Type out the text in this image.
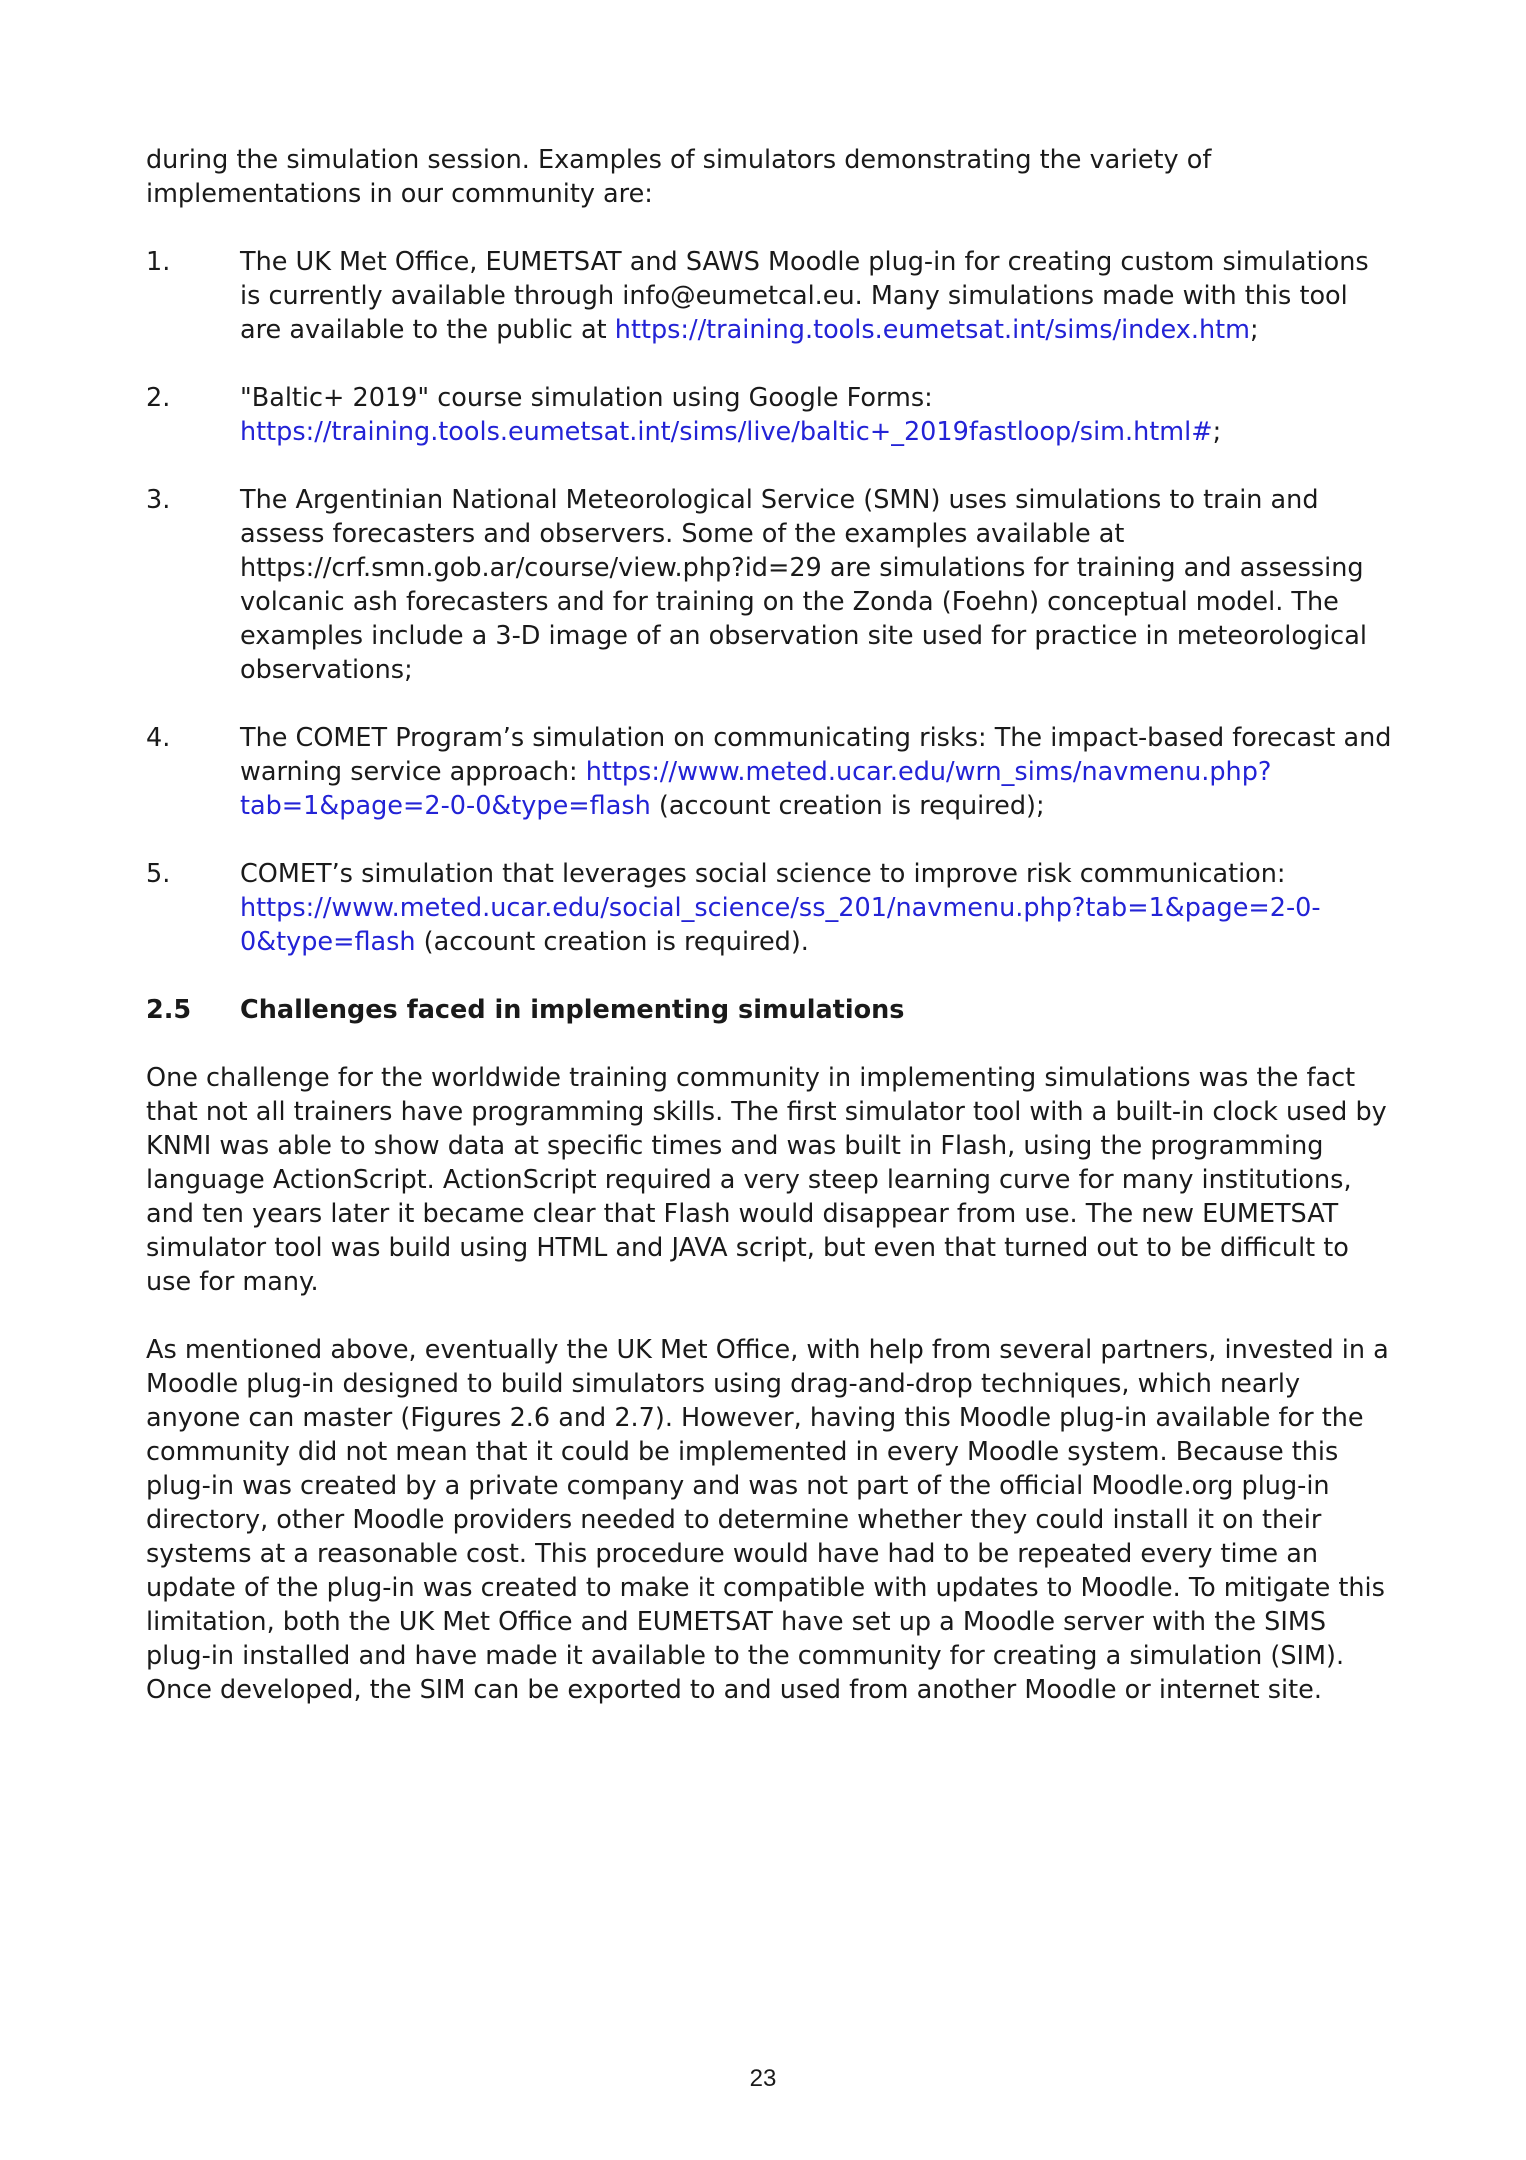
during the simulation session. Examples of simulators demonstrating the variety of
implementations in our community are:

1.	The UK Met Office, EUMETSAT and SAWS Moodle plug-in for creating custom simulations is currently available through info@eumetcal.eu. Many simulations made with this tool are available to the public at https://training.tools.eumetsat.int/sims/index.htm;
2.	"Baltic+ 2019" course simulation using Google Forms:
https://training.tools.eumetsat.int/sims/live/baltic+_2019fastloop/sim.html#;
3.	The Argentinian National Meteorological Service (SMN) uses simulations to train and assess forecasters and observers. Some of the examples available at https://crf.smn.gob.ar/course/view.php?id=29 are simulations for training and assessing volcanic ash forecasters and for training on the Zonda (Foehn) conceptual model. The examples include a 3-D image of an observation site used for practice in meteorological observations;
4.	The COMET Program’s simulation on communicating risks: The impact-based forecast and warning service approach: https://www.meted.ucar.edu/wrn_sims/navmenu.php?tab=1&page=2-0-0&type=flash (account creation is required);
5.	COMET’s simulation that leverages social science to improve risk communication: https://www.meted.ucar.edu/social_science/ss_201/navmenu.php?tab=1&page=2-0-0&type=flash (account creation is required).
2.5	Challenges faced in implementing simulations

One challenge for the worldwide training community in implementing simulations was the fact that not all trainers have programming skills. The first simulator tool with a built-in clock used by KNMI was able to show data at specific times and was built in Flash, using the programming language ActionScript. ActionScript required a very steep learning curve for many institutions, and ten years later it became clear that Flash would disappear from use. The new EUMETSAT simulator tool was build using HTML and JAVA script, but even that turned out to be difficult to use for many.

As mentioned above, eventually the UK Met Office, with help from several partners, invested in a Moodle plug-in designed to build simulators using drag-and-drop techniques, which nearly anyone can master (Figures 2.6 and 2.7). However, having this Moodle plug-in available for the community did not mean that it could be implemented in every Moodle system. Because this plug-in was created by a private company and was not part of the official Moodle.org plug-in directory, other Moodle providers needed to determine whether they could install it on their systems at a reasonable cost. This procedure would have had to be repeated every time an update of the plug-in was created to make it compatible with updates to Moodle. To mitigate this limitation, both the UK Met Office and EUMETSAT have set up a Moodle server with the SIMS plug-in installed and have made it available to the community for creating a simulation (SIM). Once developed, the SIM can be exported to and used from another Moodle or internet site.

23
